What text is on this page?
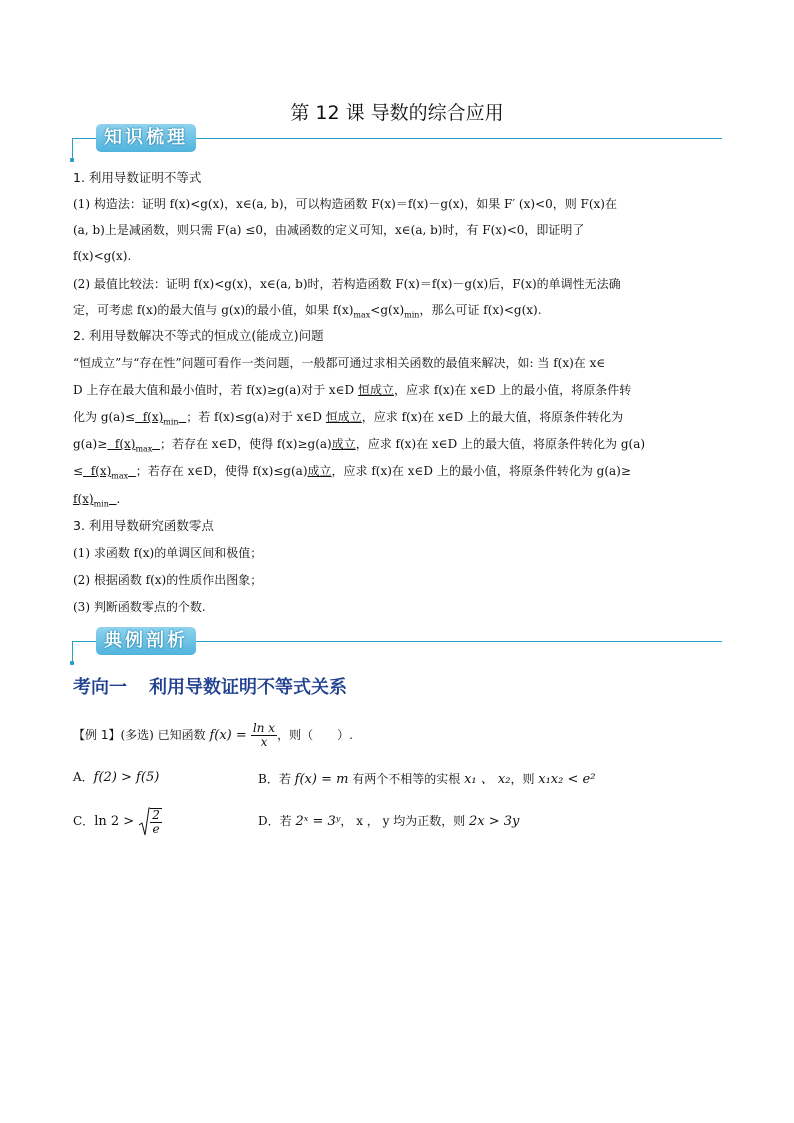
第 12 课 导数的综合应用
知识梳理
1. 利用导数证明不等式
(1) 构造法：证明 f(x)<g(x)，x∈(a, b)，可以构造函数 F(x)＝f(x)－g(x)，如果 F′ (x)<0，则 F(x)在
(a, b)上是减函数，则只需 F(a) ≤0，由减函数的定义可知，x∈(a, b)时，有 F(x)<0，即证明了
f(x)<g(x).
(2) 最值比较法：证明 f(x)<g(x)，x∈(a, b)时，若构造函数 F(x)＝f(x)－g(x)后，F(x)的单调性无法确
定，可考虑 f(x)的最大值与 g(x)的最小值，如果 $f(x)_{max}<g(x)_{min}$，那么可证 f(x)<g(x).
2. 利用导数解决不等式的恒成立(能成立)问题
“恒成立”与“存在性”问题可看作一类问题，一般都可通过求相关函数的最值来解决，如: 当 f(x)在 x∈
D 上存在最大值和最小值时，若 f(x)≥g(a)对于 x∈D 恒成立，应求 f(x)在 x∈D 上的最小值，将原条件转
化为 $g(a)\le f(x)_{min}$ ；若 f(x)≤g(a)对于 x∈D 恒成立，应求 f(x)在 x∈D 上的最大值，将原条件转化为
$g(a)\ge f(x)_{max}$ ；若存在 x∈D，使得 f(x)≥g(a)成立，应求 f(x)在 x∈D 上的最大值，将原条件转化为 g(a)
≤  $f(x)_{max}$ ；若存在 x∈D，使得 f(x)≤g(a)成立，应求 f(x)在 x∈D 上的最小值，将原条件转化为 g(a)≥
$f(x)_{min}$ .
3. 利用导数研究函数零点
(1) 求函数 f(x)的单调区间和极值；
(2) 根据函数 f(x)的性质作出图象；
(3) 判断函数零点的个数.
典例剖析
考向一 利用导数证明不等式关系
【例 1】(多选) 已知函数 $f(x) = \frac{\text{ln x}}{x}$ ，则（　　）.
A．f(2) > f(5)	B．若 f(x) = m 有两个不相等的实根 x₁ 、 x₂，则 x₁x₂ < e²
C．$\ln 2 > \frac{2}{e}$	D．若 2ˣ = 3ʸ， x ， y 均为正数，则 2x > 3y
